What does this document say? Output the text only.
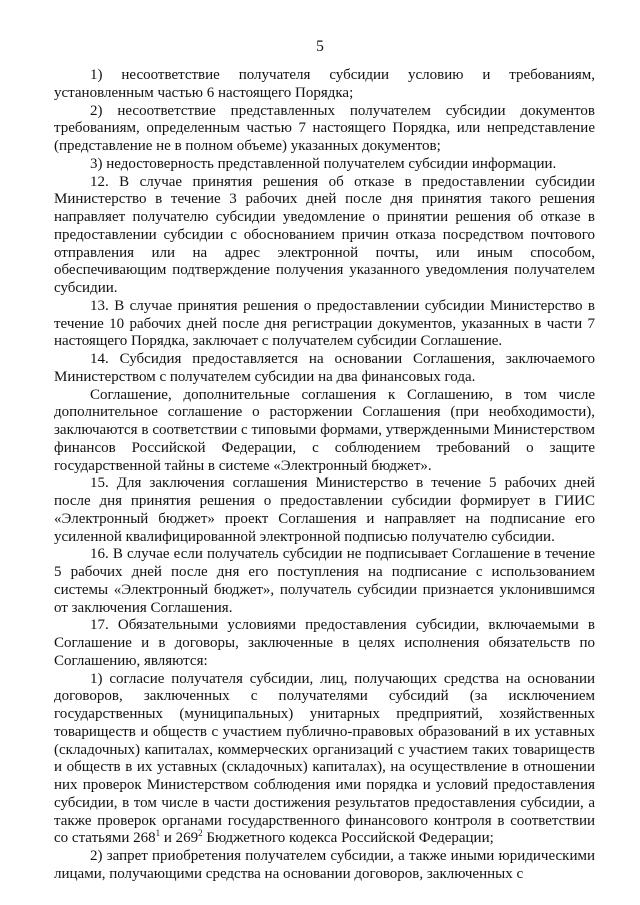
5

1) несоответствие получателя субсидии условию и требованиям, установленным частью 6 настоящего Порядка;

2) несоответствие представленных получателем субсидии документов требованиям, определенным частью 7 настоящего Порядка, или непредставление (представление не в полном объеме) указанных документов;

3) недостоверность представленной получателем субсидии информации.

12. В случае принятия решения об отказе в предоставлении субсидии Министерство в течение 3 рабочих дней после дня принятия такого решения направляет получателю субсидии уведомление о принятии решения об отказе в предоставлении субсидии с обоснованием причин отказа посредством почтового отправления или на адрес электронной почты, или иным способом, обеспечивающим подтверждение получения указанного уведомления получателем субсидии.

13. В случае принятия решения о предоставлении субсидии Министерство в течение 10 рабочих дней после дня регистрации документов, указанных в части 7 настоящего Порядка, заключает с получателем субсидии Соглашение.

14. Субсидия предоставляется на основании Соглашения, заключаемого Министерством с получателем субсидии на два финансовых года.

Соглашение, дополнительные соглашения к Соглашению, в том числе дополнительное соглашение о расторжении Соглашения (при необходимости), заключаются в соответствии с типовыми формами, утвержденными Министерством финансов Российской Федерации, с соблюдением требований о защите государственной тайны в системе «Электронный бюджет».

15. Для заключения соглашения Министерство в течение 5 рабочих дней после дня принятия решения о предоставлении субсидии формирует в ГИИС «Электронный бюджет» проект Соглашения и направляет на подписание его усиленной квалифицированной электронной подписью получателю субсидии.

16. В случае если получатель субсидии не подписывает Соглашение в течение 5 рабочих дней после дня его поступления на подписание с использованием системы «Электронный бюджет», получатель субсидии признается уклонившимся от заключения Соглашения.

17. Обязательными условиями предоставления субсидии, включаемыми в Соглашение и в договоры, заключенные в целях исполнения обязательств по Соглашению, являются:

1) согласие получателя субсидии, лиц, получающих средства на основании договоров, заключенных с получателями субсидий (за исключением государственных (муниципальных) унитарных предприятий, хозяйственных товариществ и обществ с участием публично-правовых образований в их уставных (складочных) капиталах, коммерческих организаций с участием таких товариществ и обществ в их уставных (складочных) капиталах), на осуществление в отношении них проверок Министерством соблюдения ими порядка и условий предоставления субсидии, в том числе в части достижения результатов предоставления субсидии, а также проверок органами государственного финансового контроля в соответствии со статьями $268^1$ и $269^2$ Бюджетного кодекса Российской Федерации;

2) запрет приобретения получателем субсидии, а также иными юридическими лицами, получающими средства на основании договоров, заключенных с
